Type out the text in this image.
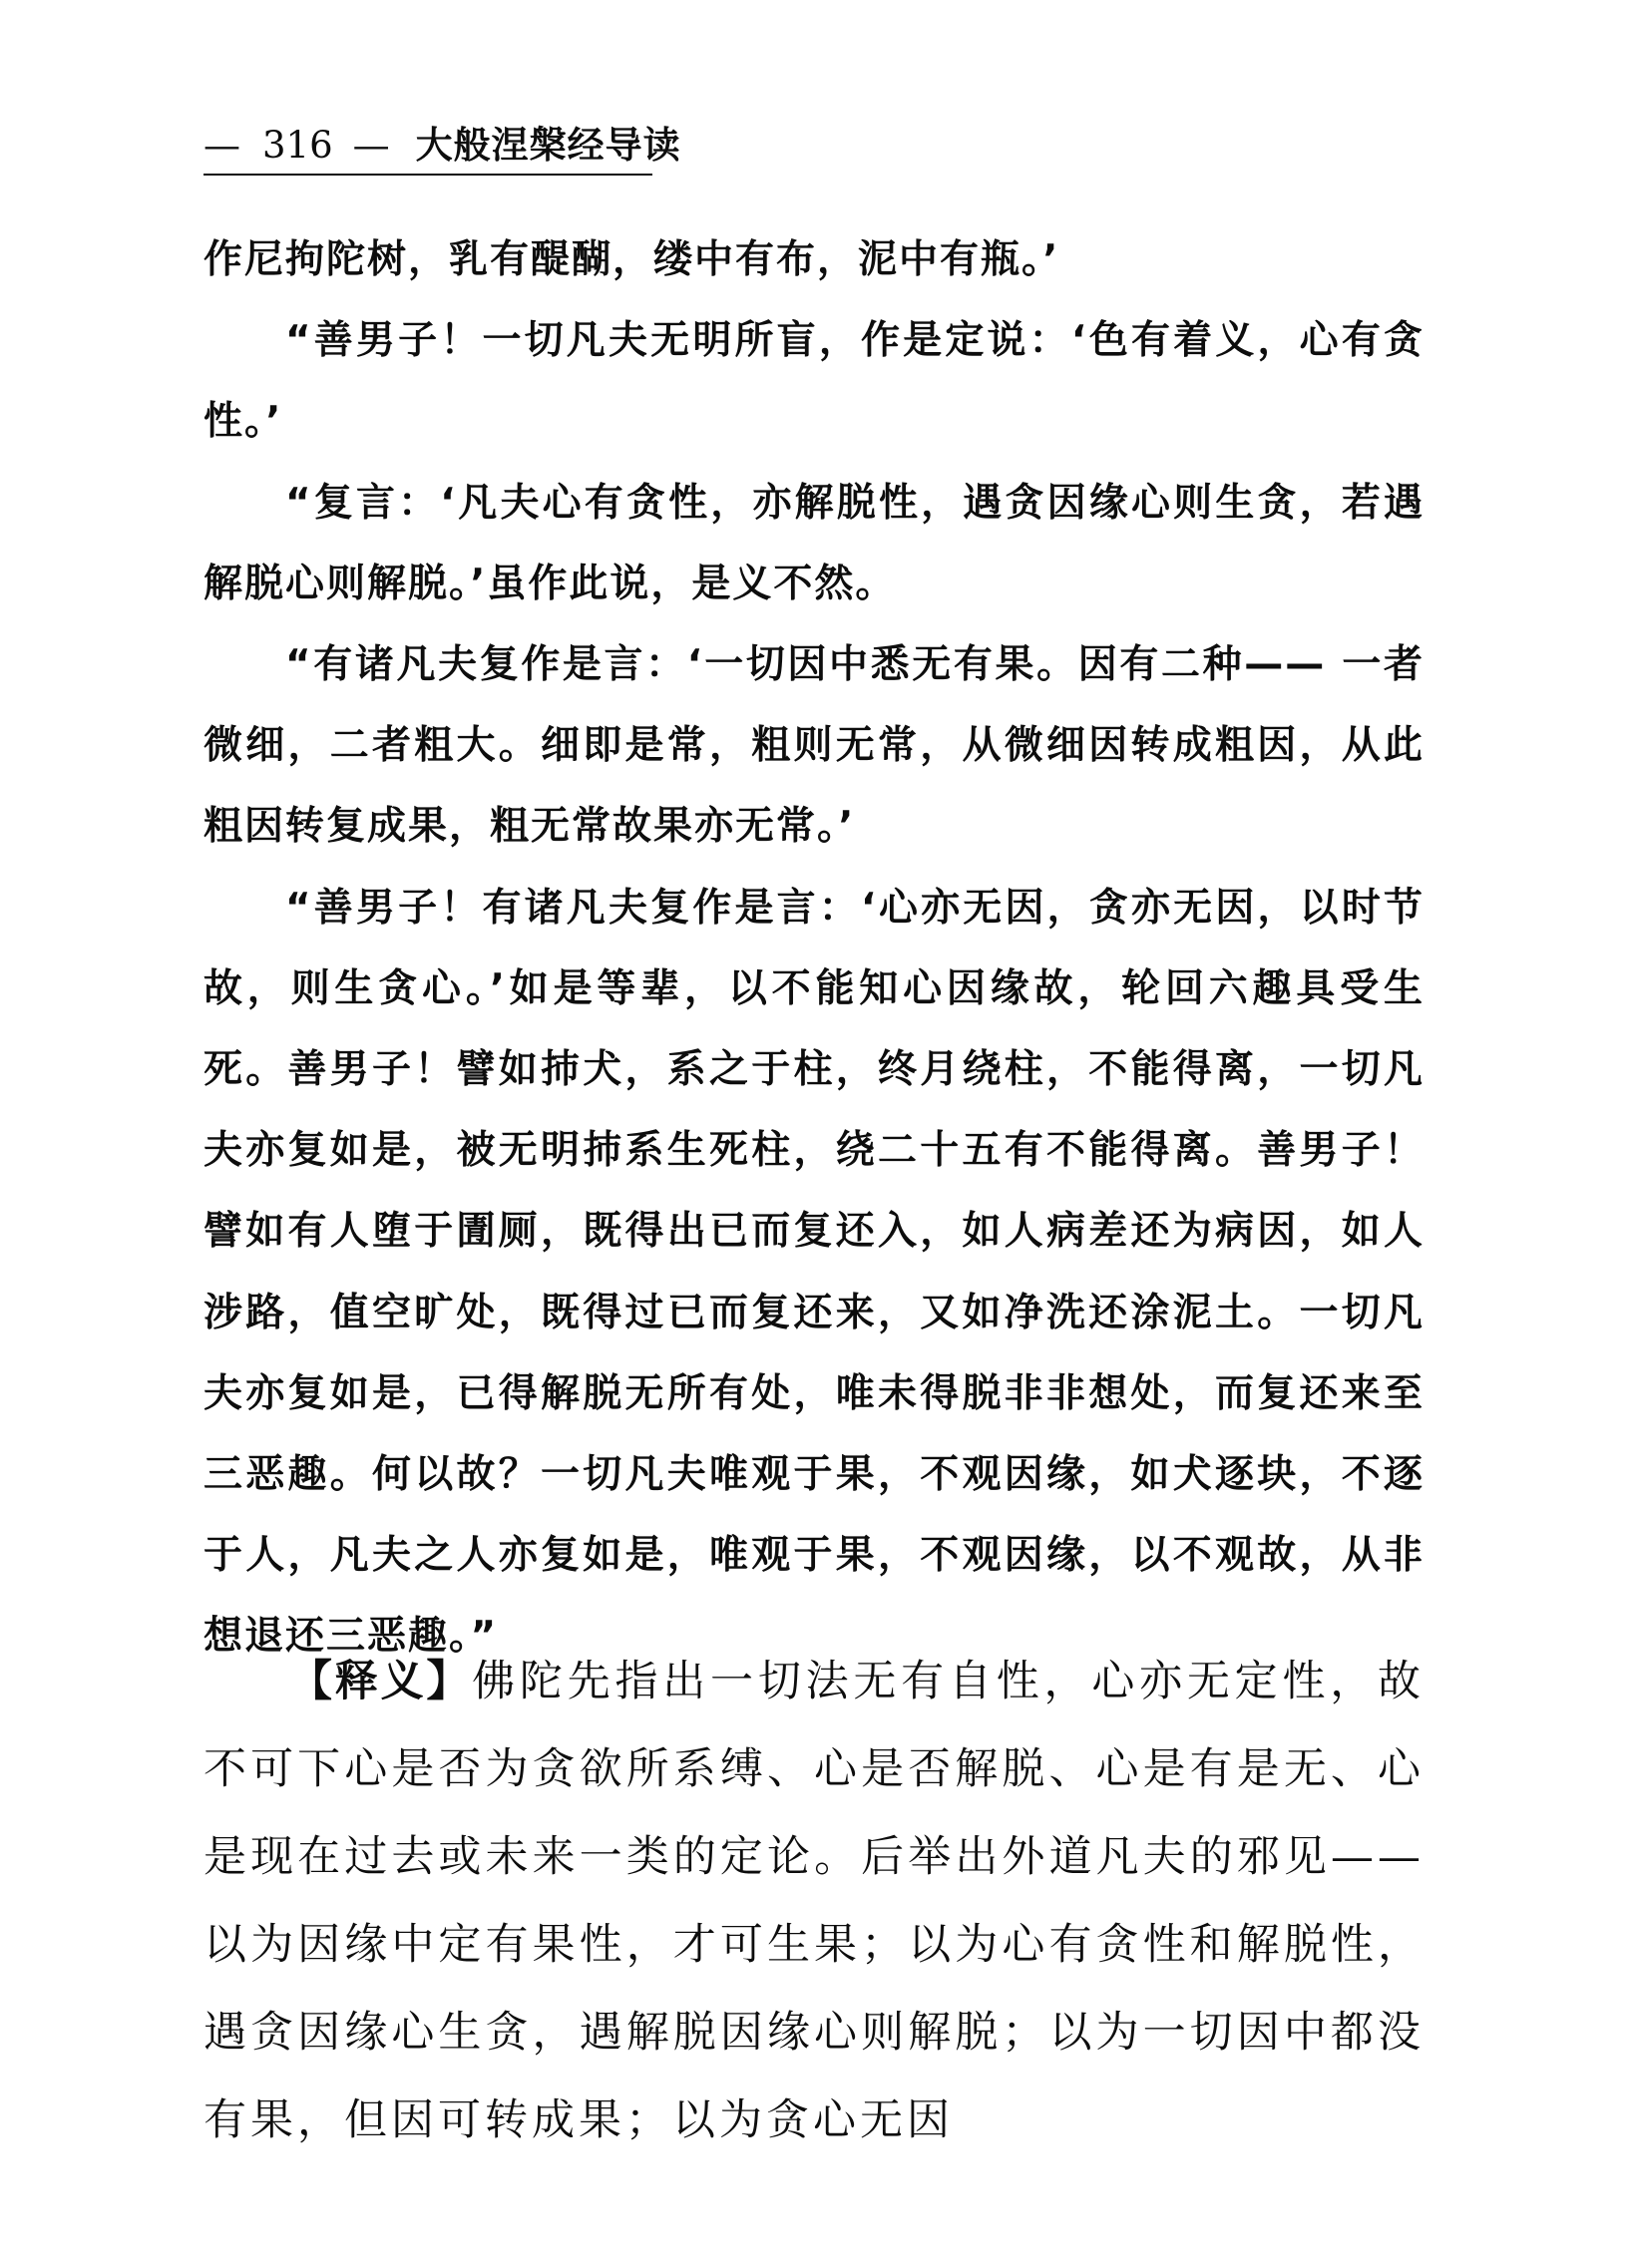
— 316 — 大般涅槃经导读

作尼拘陀树，乳有醍醐，缕中有布，泥中有瓶。’

“善男子！一切凡夫无明所盲，作是定说：‘色有着义，心有贪性。’

“复言：‘凡夫心有贪性，亦解脱性，遇贪因缘心则生贪，若遇解脱心则解脱。’虽作此说，是义不然。

“有诸凡夫复作是言：‘一切因中悉无有果。因有二种—— 一者微细，二者粗大。细即是常，粗则无常，从微细因转成粗因，从此粗因转复成果，粗无常故果亦无常。’

“善男子！有诸凡夫复作是言：‘心亦无因，贪亦无因，以时节故，则生贪心。’如是等辈，以不能知心因缘故，轮回六趣具受生死。善男子！譬如㧊犬，系之于柱，终月绕柱，不能得离，一切凡夫亦复如是，被无明㧊系生死柱，绕二十五有不能得离。善男子！譬如有人堕于圊厕，既得出已而复还入，如人病差还为病因，如人涉路，值空旷处，既得过已而复还来，又如净洗还涂泥土。一切凡夫亦复如是，已得解脱无所有处，唯未得脱非非想处，而复还来至三恶趣。何以故？一切凡夫唯观于果，不观因缘，如犬逐块，不逐于人，凡夫之人亦复如是，唯观于果，不观因缘，以不观故，从非想退还三恶趣。”

【释义】佛陀先指出一切法无有自性，心亦无定性，故不可下心是否为贪欲所系缚、心是否解脱、心是有是无、心是现在过去或未来一类的定论。后举出外道凡夫的邪见——以为因缘中定有果性，才可生果；以为心有贪性和解脱性，遇贪因缘心生贪，遇解脱因缘心则解脱；以为一切因中都没有果，但因可转成果；以为贪心无因
